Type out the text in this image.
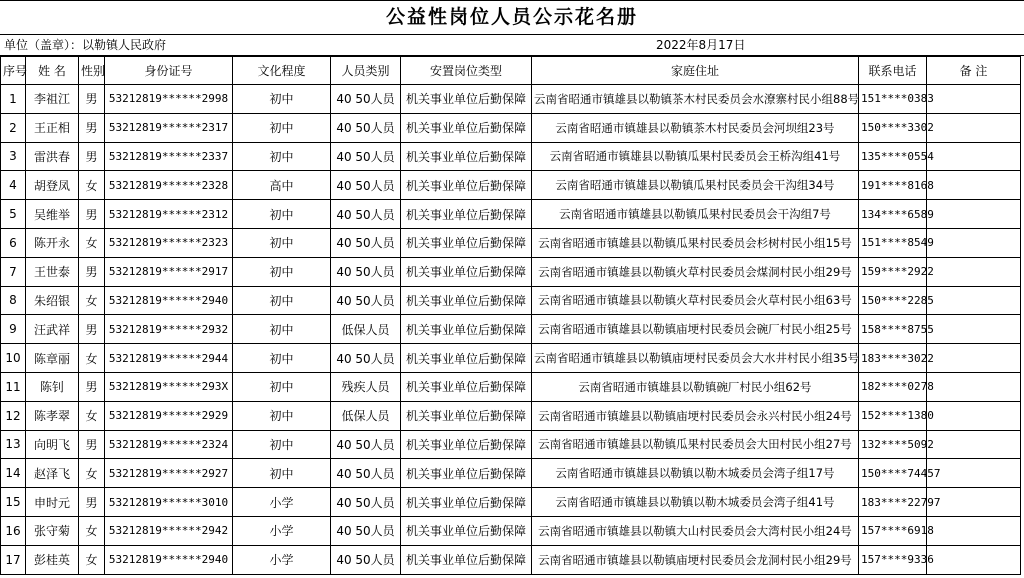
公益性岗位人员公示花名册
单位（盖章）：以勒镇人民政府	2022年8月17日
序号	姓 名	性别	身份证号	文化程度	人员类别	安置岗位类型	家庭住址	联系电话	备 注
1	李祖江	男	53212819******2998	初中	40 50人员	机关事业单位后勤保障	云南省昭通市镇雄县以勒镇茶木村民委员会水潦寨村民小组88号	151****0383	
2	王正相	男	53212819******2317	初中	40 50人员	机关事业单位后勤保障	云南省昭通市镇雄县以勒镇茶木村民委员会河坝组23号	150****3302	
3	雷洪春	男	53212819******2337	初中	40 50人员	机关事业单位后勤保障	云南省昭通市镇雄县以勒镇瓜果村民委员会王桥沟组41号	135****0554	
4	胡登凤	女	53212819******2328	高中	40 50人员	机关事业单位后勤保障	云南省昭通市镇雄县以勒镇瓜果村民委员会干沟组34号	191****8168	
5	吴维举	男	53212819******2312	初中	40 50人员	机关事业单位后勤保障	云南省昭通市镇雄县以勒镇瓜果村民委员会干沟组7号	134****6589	
6	陈开永	女	53212819******2323	初中	40 50人员	机关事业单位后勤保障	云南省昭通市镇雄县以勒镇瓜果村民委员会杉树村民小组15号	151****8549	
7	王世泰	男	53212819******2917	初中	40 50人员	机关事业单位后勤保障	云南省昭通市镇雄县以勒镇火草村民委员会煤洞村民小组29号	159****2922	
8	朱绍银	女	53212819******2940	初中	40 50人员	机关事业单位后勤保障	云南省昭通市镇雄县以勒镇火草村民委员会火草村民小组63号	150****2285	
9	汪武祥	男	53212819******2932	初中	低保人员	机关事业单位后勤保障	云南省昭通市镇雄县以勒镇庙埂村民委员会碗厂村民小组25号	158****8755	
10	陈章丽	女	53212819******2944	初中	40 50人员	机关事业单位后勤保障	云南省昭通市镇雄县以勒镇庙埂村民委员会大水井村民小组35号	183****3022	
11	陈钊	男	53212819******293X	初中	残疾人员	机关事业单位后勤保障	云南省昭通市镇雄县以勒镇碗厂村民小组62号	182****0278	
12	陈孝翠	女	53212819******2929	初中	低保人员	机关事业单位后勤保障	云南省昭通市镇雄县以勒镇庙埂村民委员会永兴村民小组24号	152****1380	
13	向明飞	男	53212819******2324	初中	40 50人员	机关事业单位后勤保障	云南省昭通市镇雄县以勒镇瓜果村民委员会大田村民小组27号	132****5092	
14	赵泽飞	女	53212819******2927	初中	40 50人员	机关事业单位后勤保障	云南省昭通市镇雄县以勒镇以勒木城委员会湾子组17号	150****74457	
15	申时元	男	53212819******3010	小学	40 50人员	机关事业单位后勤保障	云南省昭通市镇雄县以勒镇以勒木城委员会湾子组41号	183****22797	
16	张守菊	女	53212819******2942	小学	40 50人员	机关事业单位后勤保障	云南省昭通市镇雄县以勒镇大山村民委员会大湾村民小组24号	157****6918	
17	彭桂英	女	53212819******2940	小学	40 50人员	机关事业单位后勤保障	云南省昭通市镇雄县以勒镇庙埂村民委员会龙洞村民小组29号	157****9336	
